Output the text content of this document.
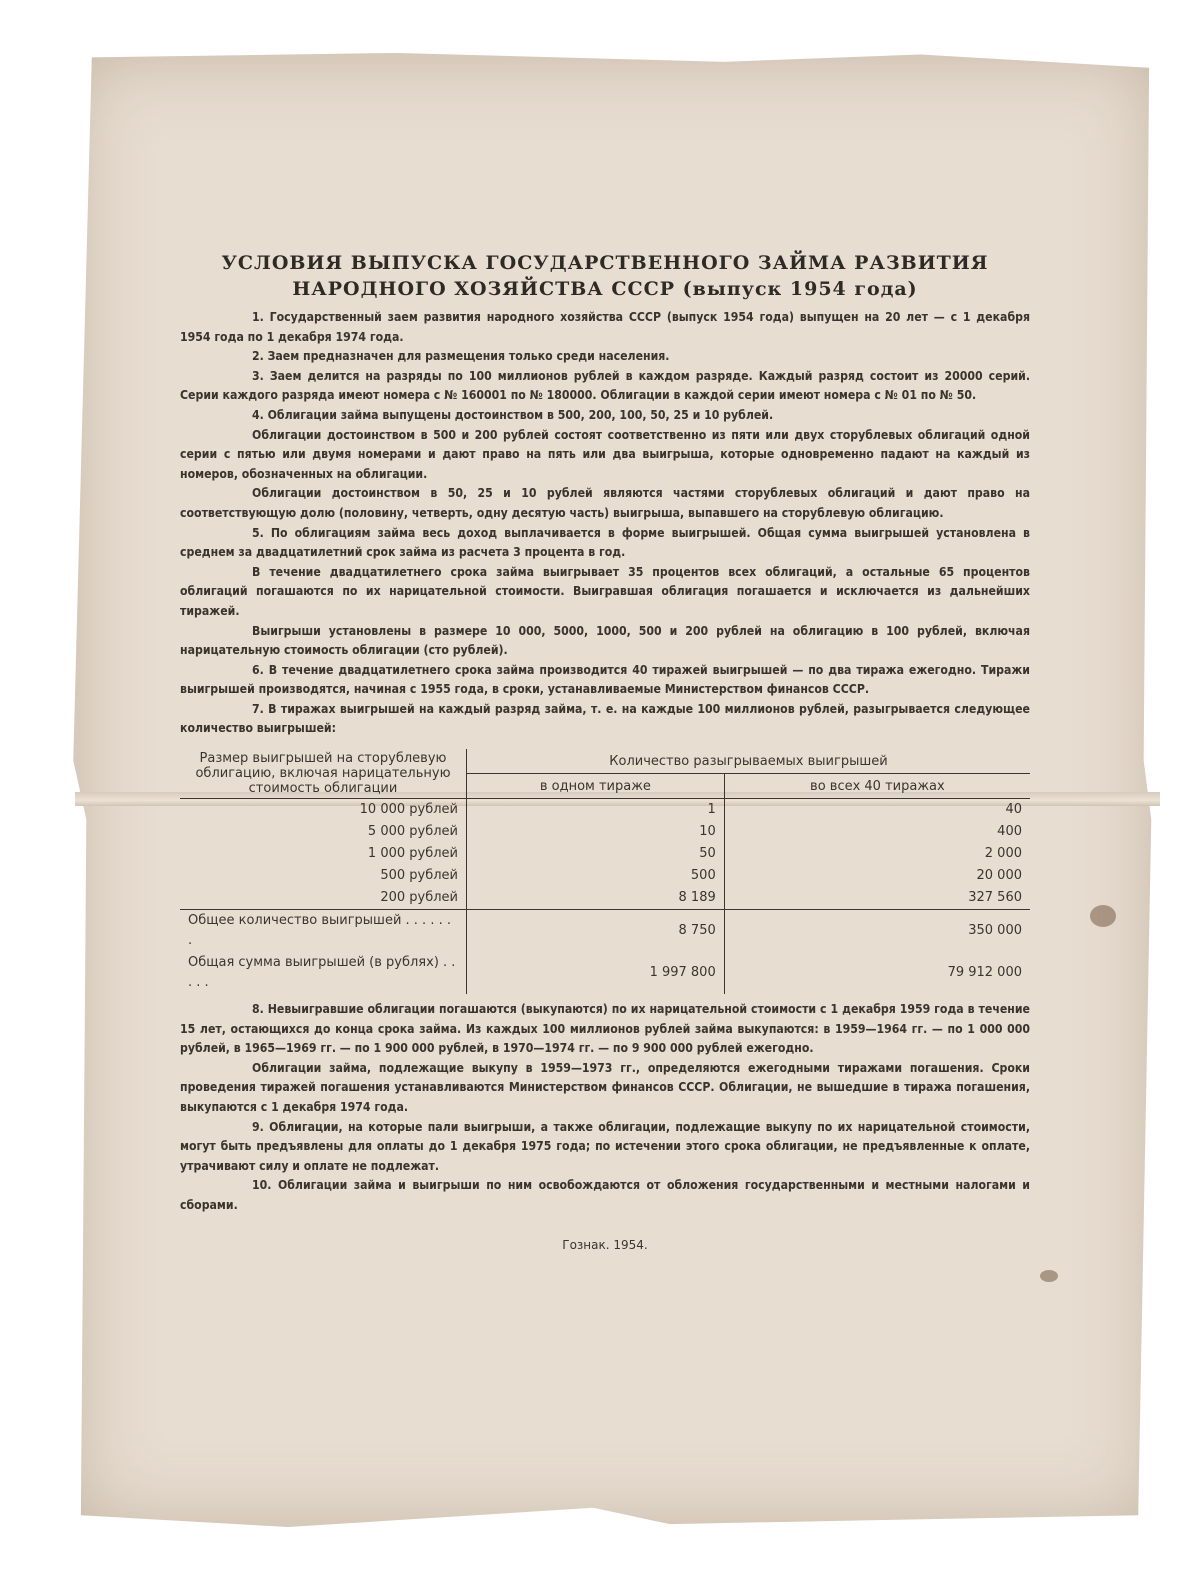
УСЛОВИЯ ВЫПУСКА ГОСУДАРСТВЕННОГО ЗАЙМА РАЗВИТИЯ
НАРОДНОГО ХОЗЯЙСТВА СССР (выпуск 1954 года)

1. Государственный заем развития народного хозяйства СССР (выпуск 1954 года) выпущен на 20 лет — с 1 декабря 1954 года по 1 декабря 1974 года.

2. Заем предназначен для размещения только среди населения.

3. Заем делится на разряды по 100 миллионов рублей в каждом разряде. Каждый разряд состоит из 20000 серий. Серии каждого разряда имеют номера с № 160001 по № 180000. Облигации в каждой серии имеют номера с № 01 по № 50.

4. Облигации займа выпущены достоинством в 500, 200, 100, 50, 25 и 10 рублей.

Облигации достоинством в 500 и 200 рублей состоят соответственно из пяти или двух сторублевых облигаций одной серии с пятью или двумя номерами и дают право на пять или два выигрыша, которые одновременно падают на каждый из номеров, обозначенных на облигации.

Облигации достоинством в 50, 25 и 10 рублей являются частями сторублевых облигаций и дают право на соответствующую долю (половину, четверть, одну десятую часть) выигрыша, выпавшего на сторублевую облигацию.

5. По облигациям займа весь доход выплачивается в форме выигрышей. Общая сумма выигрышей установлена в среднем за двадцатилетний срок займа из расчета 3 процента в год.

В течение двадцатилетнего срока займа выигрывает 35 процентов всех облигаций, а остальные 65 процентов облигаций погашаются по их нарицательной стоимости. Выигравшая облигация погашается и исключается из дальнейших тиражей.

Выигрыши установлены в размере 10 000, 5000, 1000, 500 и 200 рублей на облигацию в 100 рублей, включая нарицательную стоимость облигации (сто рублей).

6. В течение двадцатилетнего срока займа производится 40 тиражей выигрышей — по два тиража ежегодно. Тиражи выигрышей производятся, начиная с 1955 года, в сроки, устанавливаемые Министерством финансов СССР.

7. В тиражах выигрышей на каждый разряд займа, т. е. на каждые 100 миллионов рублей, разыгрывается следующее количество выигрышей:

Размер выигрышей на сторублевую облигацию, включая нарицательную стоимость облигации	Количество разыгрываемых выигрышей	
	в одном тираже	во всех 40 тиражах
10 000 рублей	1	40
5 000 рублей	10	400
1 000 рублей	50	2 000
500 рублей	500	20 000
200 рублей	8 189	327 560
Общее количество выигрышей . . . . . . .	8 750	350 000
Общая сумма выигрышей (в рублях) . . . . .	1 997 800	79 912 000

8. Невыигравшие облигации погашаются (выкупаются) по их нарицательной стоимости с 1 декабря 1959 года в течение 15 лет, остающихся до конца срока займа. Из каждых 100 миллионов рублей займа выкупаются: в 1959—1964 гг. — по 1 000 000 рублей, в 1965—1969 гг. — по 1 900 000 рублей, в 1970—1974 гг. — по 9 900 000 рублей ежегодно.

Облигации займа, подлежащие выкупу в 1959—1973 гг., определяются ежегодными тиражами погашения. Сроки проведения тиражей погашения устанавливаются Министерством финансов СССР. Облигации, не вышедшие в тиража погашения, выкупаются с 1 декабря 1974 года.

9. Облигации, на которые пали выигрыши, а также облигации, подлежащие выкупу по их нарицательной стоимости, могут быть предъявлены для оплаты до 1 декабря 1975 года; по истечении этого срока облигации, не предъявленные к оплате, утрачивают силу и оплате не подлежат.

10. Облигации займа и выигрыши по ним освобождаются от обложения государственными и местными налогами и сборами.

Гознак. 1954.
